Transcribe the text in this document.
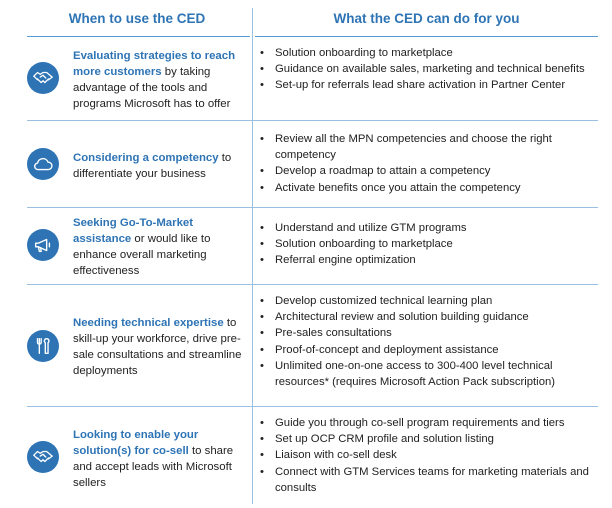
When to use the CED	What the CED can do for you
Evaluating strategies to reach more customers by taking advantage of the tools and programs Microsoft has to offer
• Solution onboarding to marketplace
• Guidance on available sales, marketing and technical benefits
• Set-up for referrals lead share activation in Partner Center
Considering a competency to differentiate your business
• Review all the MPN competencies and choose the right competency
• Develop a roadmap to attain a competency
• Activate benefits once you attain the competency
Seeking Go-To-Market assistance or would like to enhance overall marketing effectiveness
• Understand and utilize GTM programs
• Solution onboarding to marketplace
• Referral engine optimization
Needing technical expertise to skill-up your workforce, drive pre-sale consultations and streamline deployments
• Develop customized technical learning plan
• Architectural review and solution building guidance
• Pre-sales consultations
• Proof-of-concept and deployment assistance
• Unlimited one-on-one access to 300-400 level technical resources* (requires Microsoft Action Pack subscription)
Looking to enable your solution(s) for co-sell to share and accept leads with Microsoft sellers
• Guide you through co-sell program requirements and tiers
• Set up OCP CRM profile and solution listing
• Liaison with co-sell desk
• Connect with GTM Services teams for marketing materials and consults
